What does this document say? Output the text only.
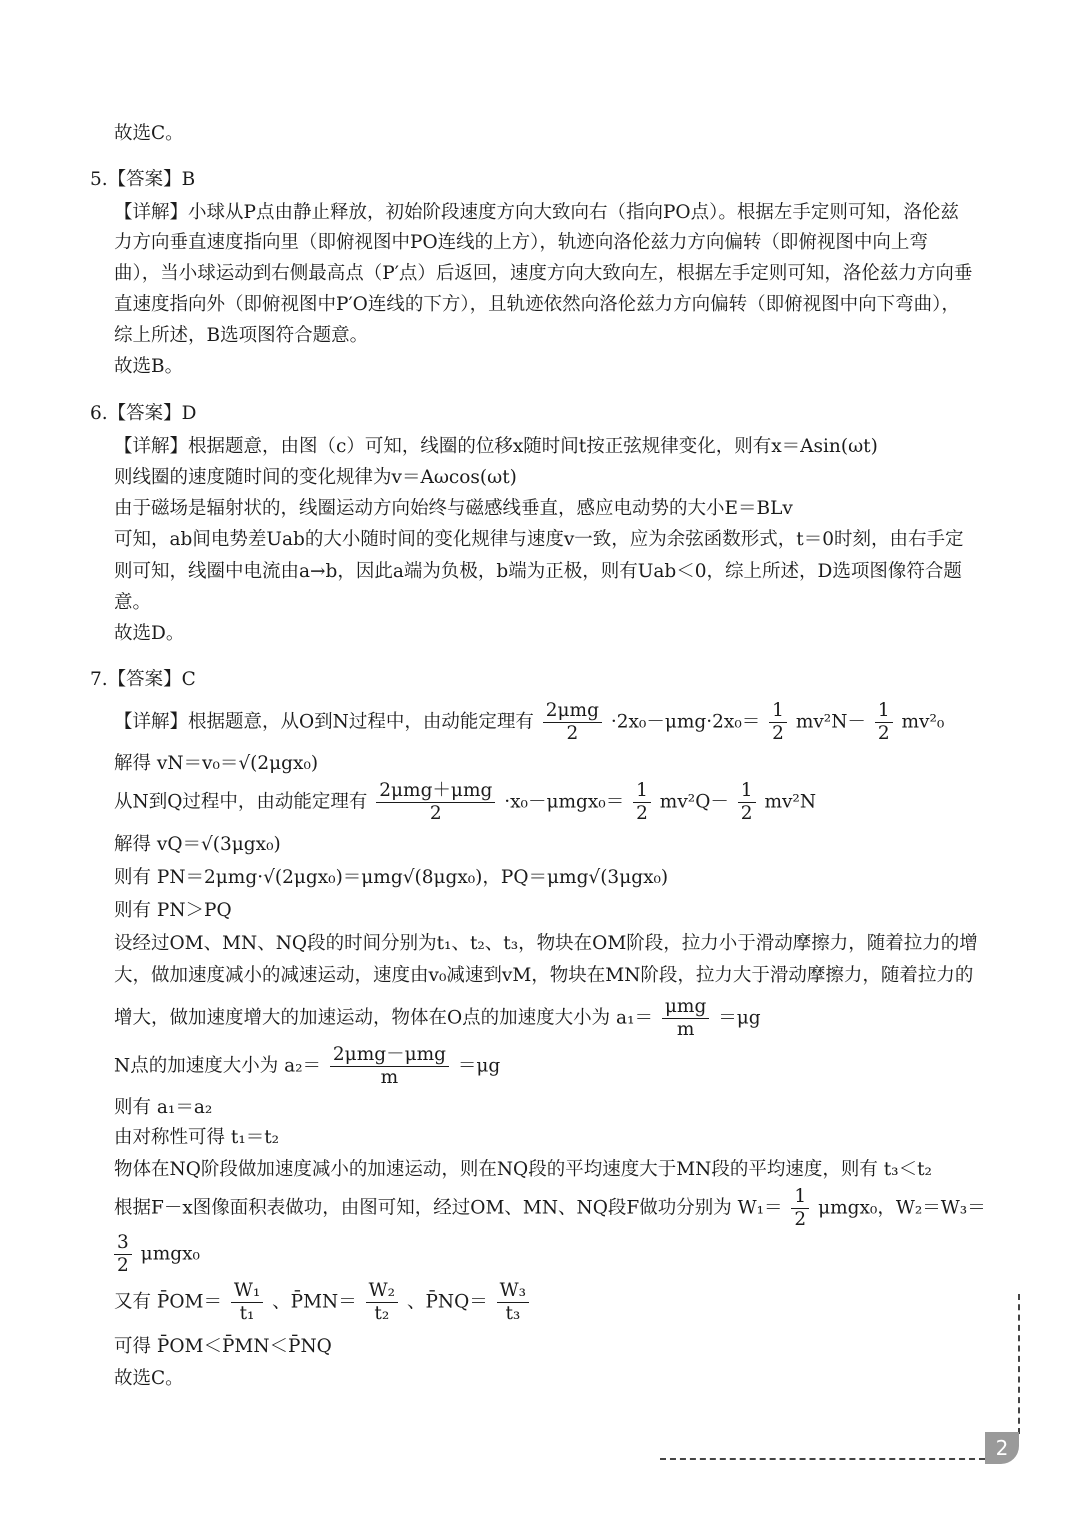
故选C。
5.【答案】B
【详解】小球从P点由静止释放，初始阶段速度方向大致向右（指向PO点）。根据左手定则可知，洛伦兹
力方向垂直速度指向里（即俯视图中PO连线的上方），轨迹向洛伦兹力方向偏转（即俯视图中向上弯
曲），当小球运动到右侧最高点（P′点）后返回，速度方向大致向左，根据左手定则可知，洛伦兹力方向垂
直速度指向外（即俯视图中P′O连线的下方），且轨迹依然向洛伦兹力方向偏转（即俯视图中向下弯曲），
综上所述，B选项图符合题意。
故选B。
6.【答案】D
【详解】根据题意，由图（c）可知，线圈的位移x随时间t按正弦规律变化，则有x＝Asin(ωt)
则线圈的速度随时间的变化规律为v＝Aωcos(ωt)
由于磁场是辐射状的，线圈运动方向始终与磁感线垂直，感应电动势的大小E＝BLv
可知，ab间电势差Uab的大小随时间的变化规律与速度v一致，应为余弦函数形式，t＝0时刻，由右手定
则可知，线圈中电流由a→b，因此a端为负极，b端为正极，则有Uab＜0，综上所述，D选项图像符合题
意。
故选D。
7.【答案】C
【详解】根据题意，从O到N过程中，由动能定理有 $\frac{\text{2μmg}}{2} \cdot 2x_0-\mu mg\cdot 2x_0= \frac{1}{2} mv^2N- \frac{1}{2} mv^2_0$
解得 vN＝v₀＝√(2μgx₀)
从N到Q过程中，由动能定理有 $\frac{\text{2μmg＋μmg}}{2} \cdot x_0-\mu mgx_0= \frac{1}{2} mv^2Q- \frac{1}{2} mv^2N$
解得 vQ＝√(3μgx₀)
则有 PN＝2μmg·√(2μgx₀)＝μmg√(8μgx₀)，PQ＝μmg√(3μgx₀)
则有 PN＞PQ
设经过OM、MN、NQ段的时间分别为t₁、t₂、t₃，物块在OM阶段，拉力小于滑动摩擦力，随着拉力的增
大，做加速度减小的减速运动，速度由v₀减速到vM，物块在MN阶段，拉力大于滑动摩擦力，随着拉力的
增大，做加速度增大的加速运动，物体在O点的加速度大小为 $a_1= \frac{\text{μmg}}{m} =\mu g$
N点的加速度大小为 $a_2= \frac{\text{2μmg－μmg}}{m} =\mu g$
则有 a₁＝a₂
由对称性可得 t₁＝t₂
物体在NQ阶段做加速度减小的加速运动，则在NQ段的平均速度大于MN段的平均速度，则有 t₃＜t₂
根据F－x图像面积表做功，由图可知，经过OM、MN、NQ段F做功分别为 $W_1= \frac{1}{2} \mu mgx_0$，W₂＝W₃＝
$\frac{3}{2} \mu mgx_0$
又有 P̄OM＝ $\frac{\text{W₁}}{\text{t₁}}$ 、P̄MN＝ $\frac{\text{W₂}}{\text{t₂}}$ 、P̄NQ＝ $\frac{\text{W₃}}{\text{t₃}}$
可得 P̄OM＜P̄MN＜P̄NQ
故选C。
2
